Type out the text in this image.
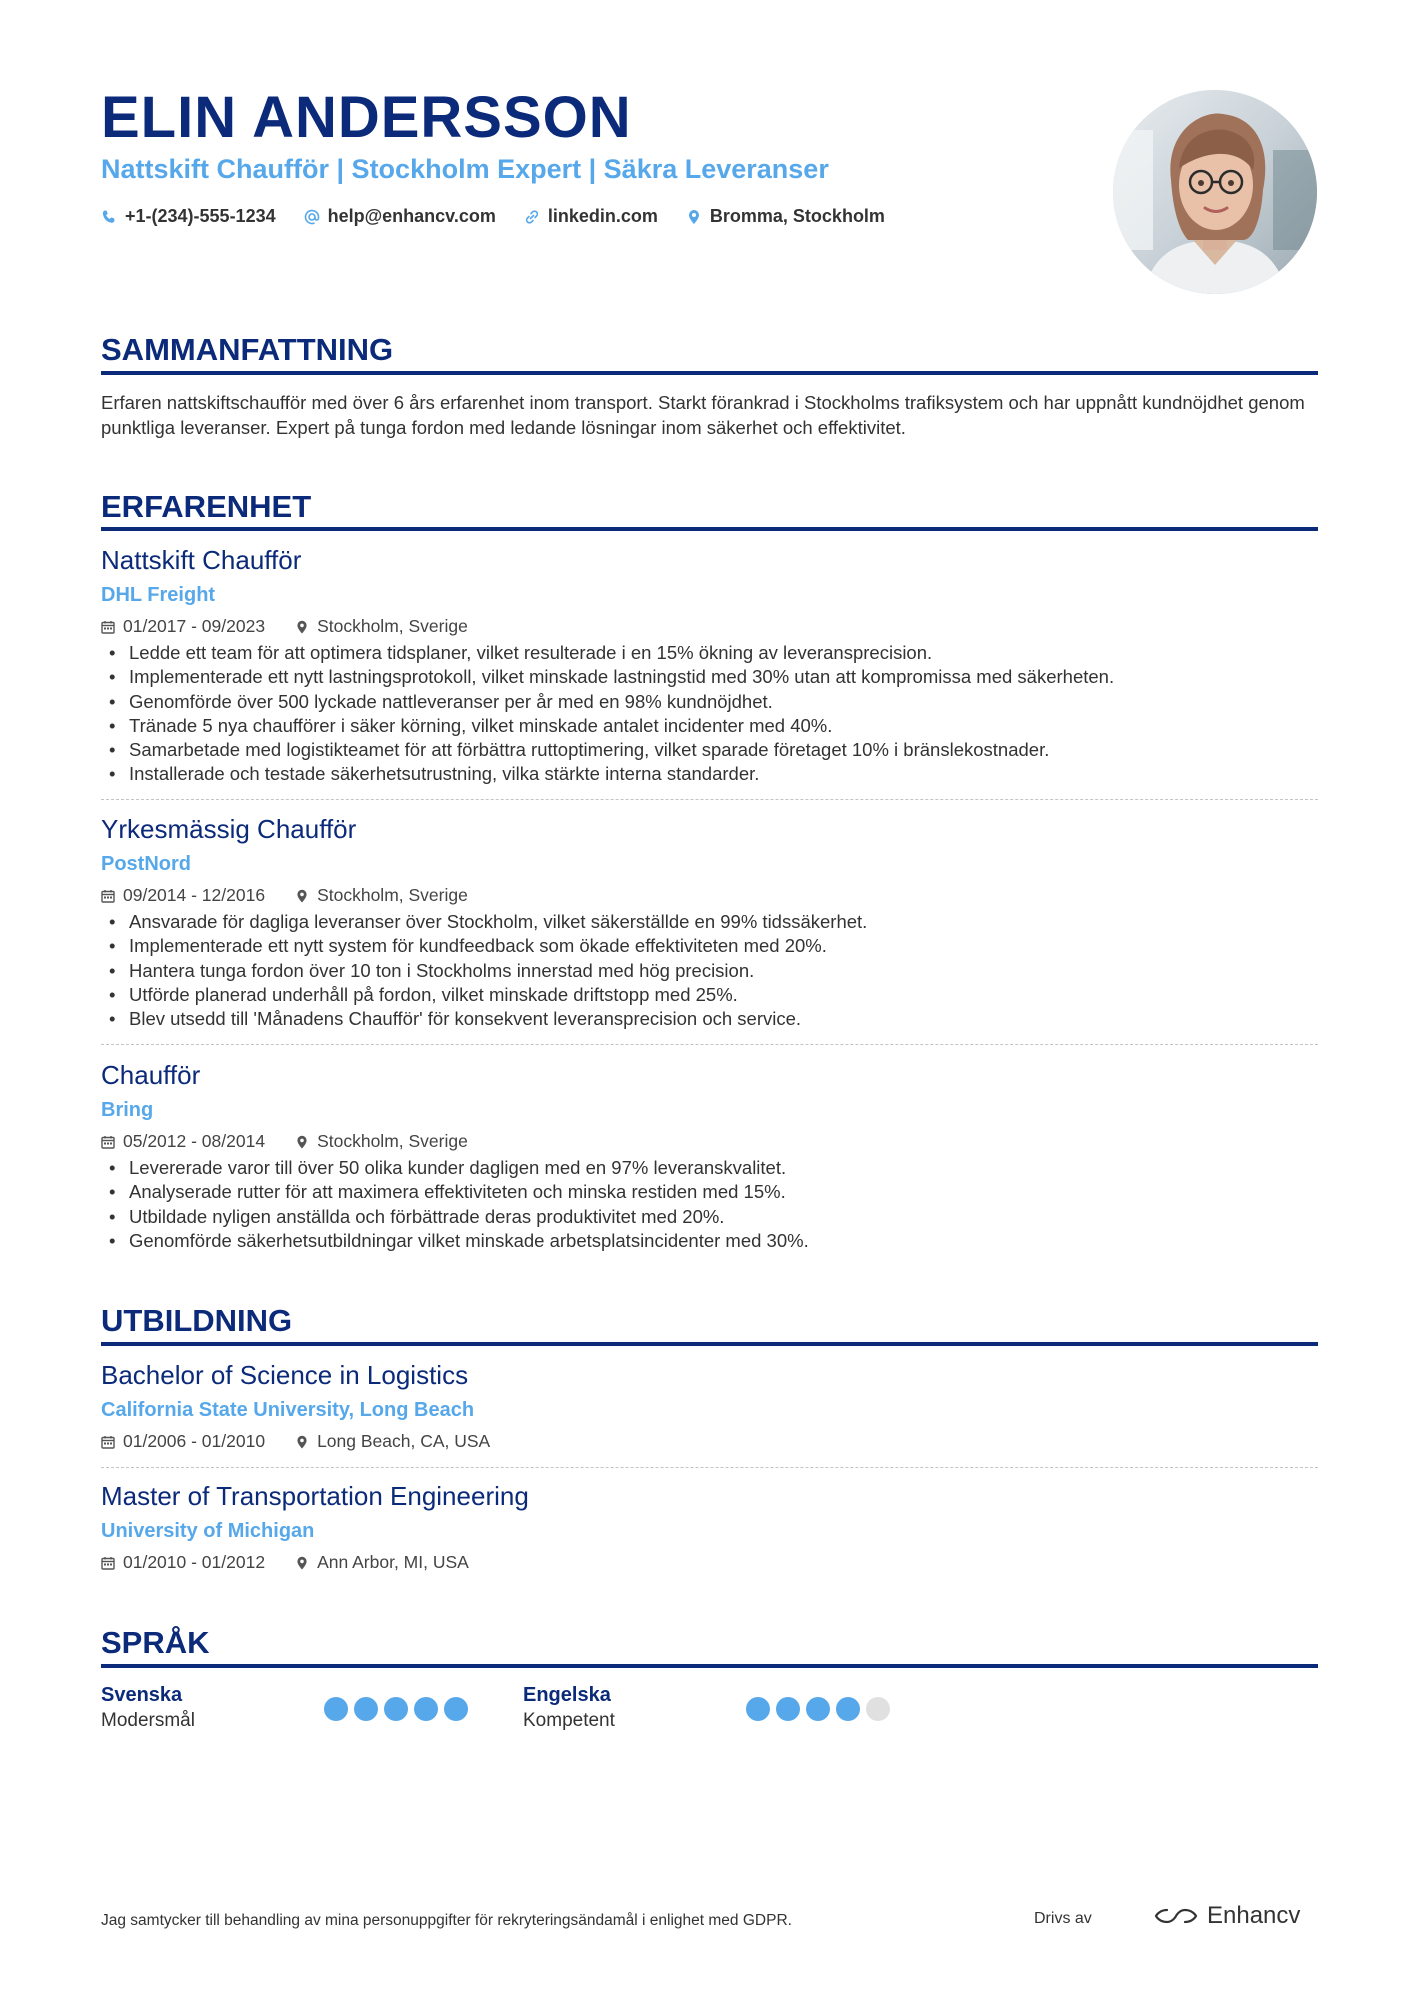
ELIN ANDERSSON
Nattskift Chaufför | Stockholm Expert | Säkra Leveranser
+1-(234)-555-1234	help@enhancv.com	linkedin.com	Bromma, Stockholm
SAMMANFATTNING
Erfaren nattskiftschaufför med över 6 års erfarenhet inom transport. Starkt förankrad i Stockholms trafiksystem och har uppnått kundnöjdhet genom punktliga leveranser. Expert på tunga fordon med ledande lösningar inom säkerhet och effektivitet.
ERFARENHET
Nattskift Chaufför
DHL Freight
01/2017 - 09/2023	Stockholm, Sverige
• Ledde ett team för att optimera tidsplaner, vilket resulterade i en 15% ökning av leveransprecision.
• Implementerade ett nytt lastningsprotokoll, vilket minskade lastningstid med 30% utan att kompromissa med säkerheten.
• Genomförde över 500 lyckade nattleveranser per år med en 98% kundnöjdhet.
• Tränade 5 nya chaufförer i säker körning, vilket minskade antalet incidenter med 40%.
• Samarbetade med logistikteamet för att förbättra ruttoptimering, vilket sparade företaget 10% i bränslekostnader.
• Installerade och testade säkerhetsutrustning, vilka stärkte interna standarder.
Yrkesmässig Chaufför
PostNord
09/2014 - 12/2016	Stockholm, Sverige
• Ansvarade för dagliga leveranser över Stockholm, vilket säkerställde en 99% tidssäkerhet.
• Implementerade ett nytt system för kundfeedback som ökade effektiviteten med 20%.
• Hantera tunga fordon över 10 ton i Stockholms innerstad med hög precision.
• Utförde planerad underhåll på fordon, vilket minskade driftstopp med 25%.
• Blev utsedd till 'Månadens Chaufför' för konsekvent leveransprecision och service.
Chaufför
Bring
05/2012 - 08/2014	Stockholm, Sverige
• Levererade varor till över 50 olika kunder dagligen med en 97% leveranskvalitet.
• Analyserade rutter för att maximera effektiviteten och minska restiden med 15%.
• Utbildade nyligen anställda och förbättrade deras produktivitet med 20%.
• Genomförde säkerhetsutbildningar vilket minskade arbetsplatsincidenter med 30%.
UTBILDNING
Bachelor of Science in Logistics
California State University, Long Beach
01/2006 - 01/2010	Long Beach, CA, USA
Master of Transportation Engineering
University of Michigan
01/2010 - 01/2012	Ann Arbor, MI, USA
SPRÅK
Svenska
Modersmål
Engelska
Kompetent
Jag samtycker till behandling av mina personuppgifter för rekryteringsändamål i enlighet med GDPR.	Drivs av	Enhancv
